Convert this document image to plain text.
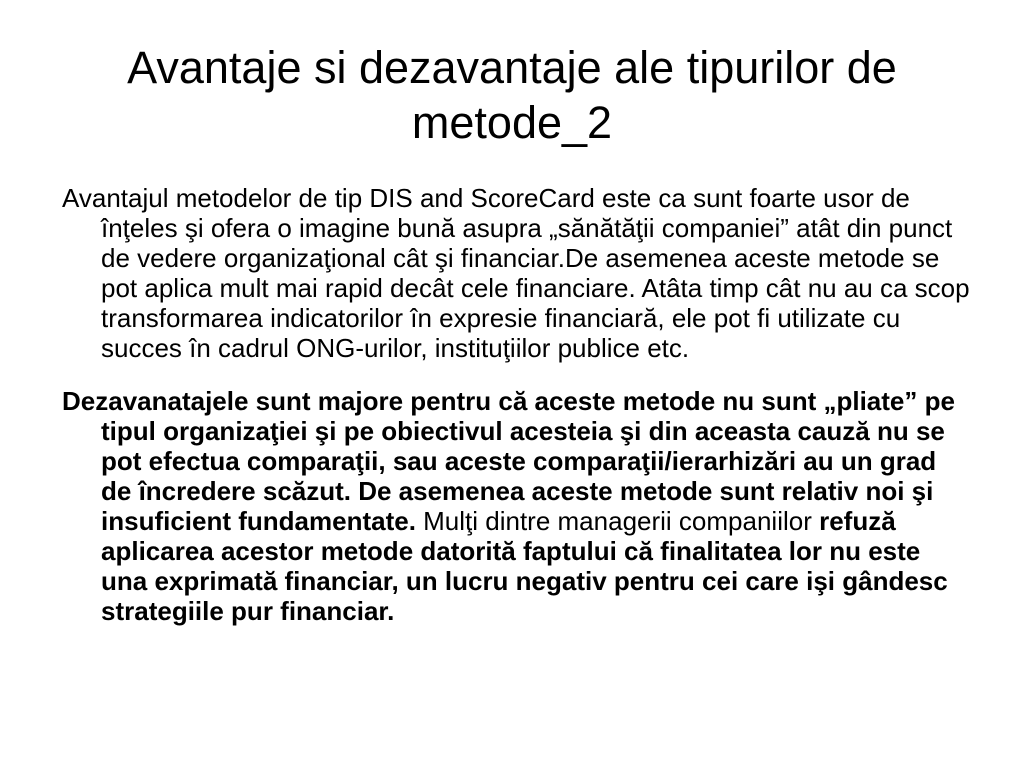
Avantaje si dezavantaje ale tipurilor de metode_2

Avantajul metodelor de tip DIS and ScoreCard este ca sunt foarte usor de înţeles şi ofera o imagine bună asupra „sănătăţii companiei” atât din punct de vedere organizaţional cât şi financiar.De asemenea aceste metode se pot aplica mult mai rapid decât cele financiare. Atâta timp cât nu au ca scop transformarea indicatorilor în expresie financiară, ele pot fi utilizate cu succes în cadrul ONG-urilor, instituţiilor publice etc.

Dezavanatajele sunt majore pentru că aceste metode nu sunt „pliate” pe tipul organizaţiei şi pe obiectivul acesteia şi din aceasta cauză nu se pot efectua comparaţii, sau aceste comparaţii/ierarhizări au un grad de încredere scăzut. De asemenea aceste metode sunt relativ noi şi insuficient fundamentate. Mulţi dintre managerii companiilor refuză aplicarea acestor metode datorită faptului că finalitatea lor nu este una exprimată financiar, un lucru negativ pentru cei care işi gândesc strategiile pur financiar.
